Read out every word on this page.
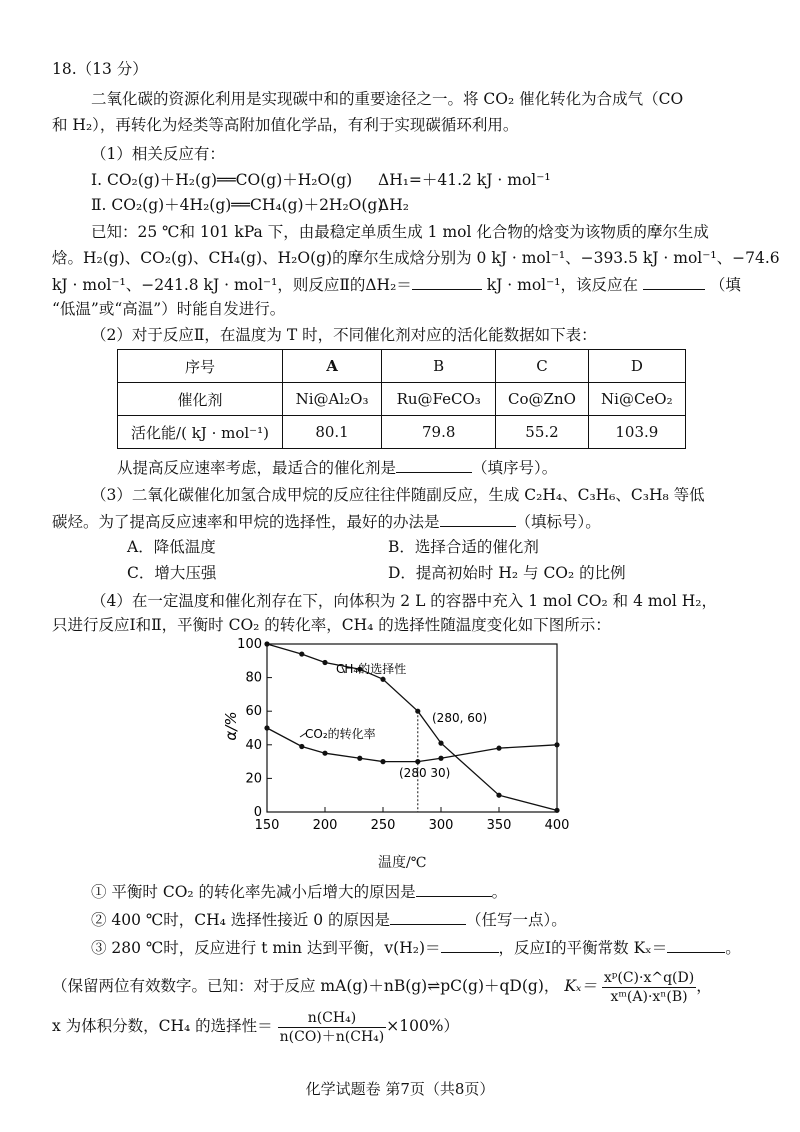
18.（13 分）
二氧化碳的资源化利用是实现碳中和的重要途径之一。将 CO₂ 催化转化为合成气（CO
和 H₂），再转化为烃类等高附加值化学品，有利于实现碳循环利用。
（1）相关反应有：
Ⅰ. CO₂(g)＋H₂(g)══CO(g)＋H₂O(g) ΔH₁=＋41.2 kJ · mol⁻¹
Ⅱ. CO₂(g)＋4H₂(g)══CH₄(g)＋2H₂O(g)
ΔH₂
已知：25 ℃和 101 kPa 下，由最稳定单质生成 1 mol 化合物的焓变为该物质的摩尔生成
焓。H₂(g)、CO₂(g)、CH₄(g)、H₂O(g)的摩尔生成焓分别为 0 kJ · mol⁻¹、−393.5 kJ · mol⁻¹、−74.6
kJ · mol⁻¹、−241.8 kJ · mol⁻¹，则反应Ⅱ的ΔH₂＝	kJ · mol⁻¹，该反应在	（填
“低温”或“高温”）时能自发进行。
（2）对于反应Ⅱ，在温度为 T 时，不同催化剂对应的活化能数据如下表：
序号	A	B	C	D
催化剂	Ni@Al₂O₃	Ru@FeCO₃	Co@ZnO	Ni@CeO₂
活化能/( kJ · mol⁻¹)	80.1	79.8	55.2	103.9
从提高反应速率考虑，最适合的催化剂是	（填序号）。
（3）二氧化碳催化加氢合成甲烷的反应往往伴随副反应，生成 C₂H₄、C₃H₆、C₃H₈ 等低
碳烃。为了提高反应速率和甲烷的选择性，最好的办法是	（填标号）。
A．降低温度	B．选择合适的催化剂
C．增大压强	D．提高初始时 H₂ 与 CO₂ 的比例
（4）在一定温度和催化剂存在下，向体积为 2 L 的容器中充入 1 mol CO₂ 和 4 mol H₂，
只进行反应Ⅰ和Ⅱ，平衡时 CO₂ 的转化率，CH₄ 的选择性随温度变化如下图所示：
150	200	250	300	350	400
0
20
40
60
80
100
α/%
CH₄的选择性
CO₂的转化率
(280, 60)
(280 30)
温度/℃
① 平衡时 CO₂ 的转化率先减小后增大的原因是	。
② 400 ℃时，CH₄ 选择性接近 0 的原因是	（任写一点）。
③ 280 ℃时，反应进行 t min 达到平衡，v(H₂)＝	，反应Ⅰ的平衡常数 Kₓ＝	。
（保留两位有效数字。已知：对于反应 mA(g)＋nB(g)⇌pC(g)＋qD(g)， $K_x= \frac{\text{xᵖ(C)·x\textasciicircum{}q(D)}}{\text{xᵐ(A)·xⁿ(B)}}$ ，
x 为体积分数，CH₄ 的选择性＝ $\frac{\text{n(CH₄)}}{\text{n(CO)＋n(CH₄)}} \times 100\%$）
化学试题卷 第7页（共8页）
